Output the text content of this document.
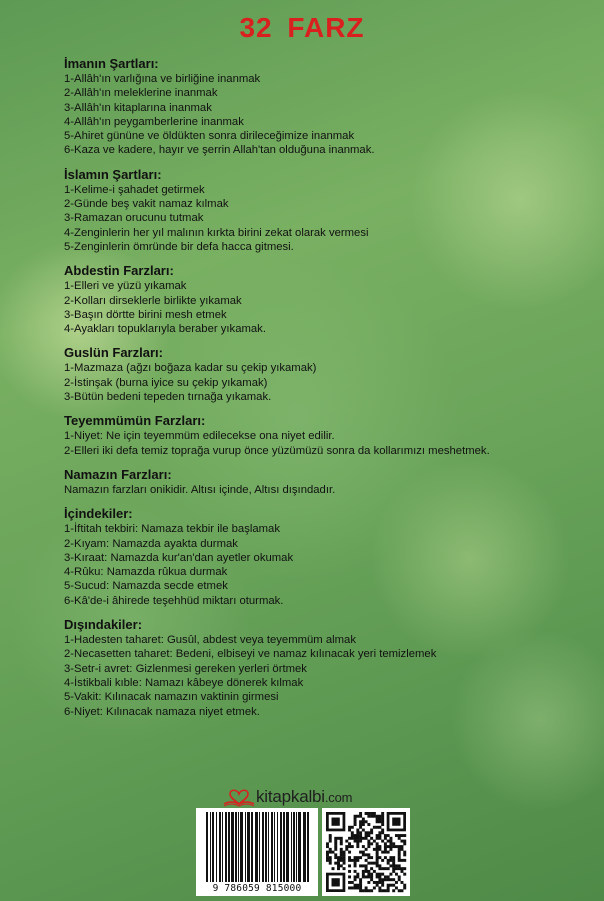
32 FARZ
İmanın Şartları:
1-Allâh'ın varlığına ve birliğine inanmak
2-Allâh'ın meleklerine inanmak
3-Allâh'ın kitaplarına inanmak
4-Allâh'ın peygamberlerine inanmak
5-Ahiret gününe ve öldükten sonra dirileceğimize inanmak
6-Kaza ve kadere, hayır ve şerrin Allah'tan olduğuna inanmak.
İslamın Şartları:
1-Kelime-i şahadet getirmek
2-Günde beş vakit namaz kılmak
3-Ramazan orucunu tutmak
4-Zenginlerin her yıl malının kırkta birini zekat olarak vermesi
5-Zenginlerin ömründe bir defa hacca gitmesi.
Abdestin Farzları:
1-Elleri ve yüzü yıkamak
2-Kolları dirseklerle birlikte yıkamak
3-Başın dörtte birini mesh etmek
4-Ayakları topuklarıyla beraber yıkamak.
Guslün Farzları:
1-Mazmaza (ağzı boğaza kadar su çekip yıkamak)
2-İstinşak (burna iyice su çekip yıkamak)
3-Bütün bedeni tepeden tırnağa yıkamak.
Teyemmümün Farzları:
1-Niyet: Ne için teyemmüm edilecekse ona niyet edilir.
2-Elleri iki defa temiz toprağa vurup önce yüzümüzü sonra da kollarımızı meshetmek.
Namazın Farzları:
Namazın farzları onikidir. Altısı içinde, Altısı dışındadır.
İçindekiler:
1-İftitah tekbiri: Namaza tekbir ile başlamak
2-Kıyam: Namazda ayakta durmak
3-Kıraat: Namazda kur'an'dan ayetler okumak
4-Rûku: Namazda rûkua durmak
5-Sucud: Namazda secde etmek
6-Kâ'de-i âhirede teşehhüd miktarı oturmak.
Dışındakiler:
1-Hadesten taharet: Gusûl, abdest veya teyemmüm almak
2-Necasetten taharet: Bedeni, elbiseyi ve namaz kılınacak yeri temizlemek
3-Setr-i avret: Gizlenmesi gereken yerleri örtmek
4-İstikbali kıble: Namazı kâbeye dönerek kılmak
5-Vakit: Kılınacak namazın vaktinin girmesi
6-Niyet: Kılınacak namaza niyet etmek.
kitapkalbi.com
9 786059 815000
